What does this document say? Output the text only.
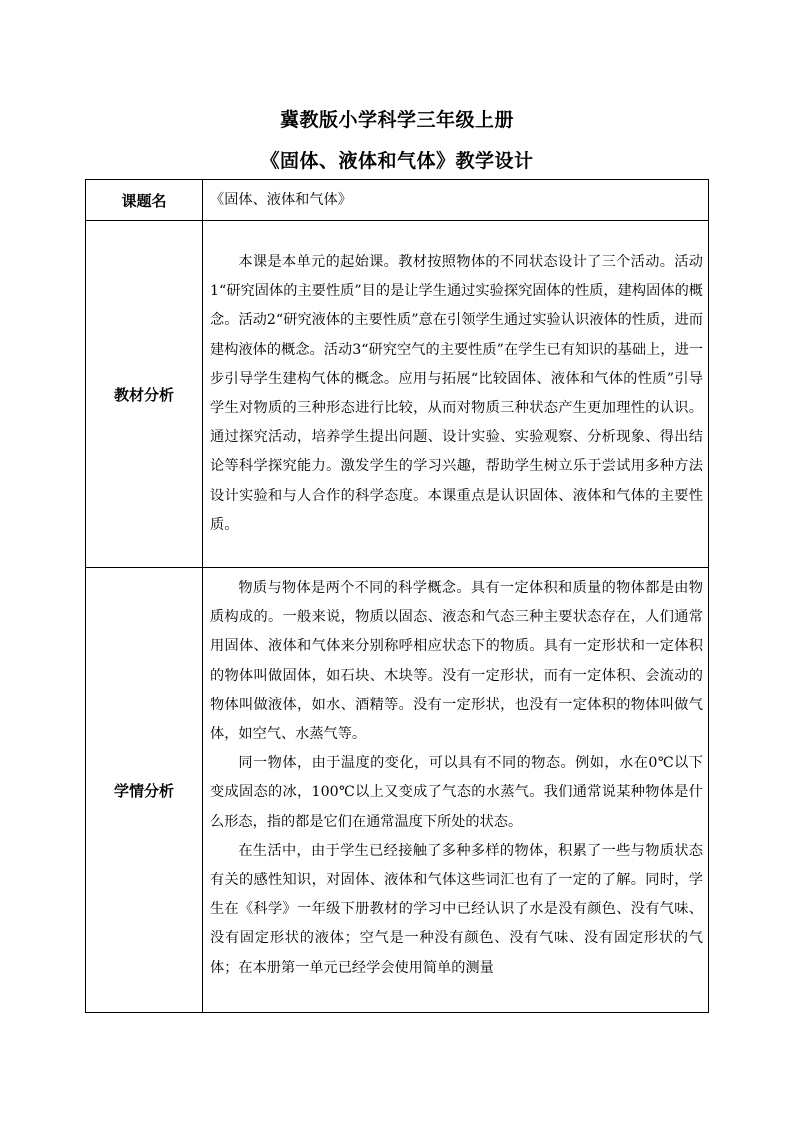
冀教版小学科学三年级上册
《固体、液体和气体》教学设计
课题名	《固体、液体和气体》

教材分析	本课是本单元的起始课。教材按照物体的不同状态设计了三个活动。活动1“研究固体的主要性质”目的是让学生通过实验探究固体的性质，建构固体的概念。活动2“研究液体的主要性质”意在引领学生通过实验认识液体的性质，进而建构液体的概念。活动3“研究空气的主要性质”在学生已有知识的基础上，进一步引导学生建构气体的概念。应用与拓展“比较固体、液体和气体的性质”引导学生对物质的三种形态进行比较，从而对物质三种状态产生更加理性的认识。通过探究活动，培养学生提出问题、设计实验、实验观察、分析现象、得出结论等科学探究能力。激发学生的学习兴趣，帮助学生树立乐于尝试用多种方法设计实验和与人合作的科学态度。本课重点是认识固体、液体和气体的主要性质。

学情分析	物质与物体是两个不同的科学概念。具有一定体积和质量的物体都是由物质构成的。一般来说，物质以固态、液态和气态三种主要状态存在，人们通常用固体、液体和气体来分别称呼相应状态下的物质。具有一定形状和一定体积的物体叫做固体，如石块、木块等。没有一定形状，而有一定体积、会流动的物体叫做液体，如水、酒精等。没有一定形状，也没有一定体积的物体叫做气体，如空气、水蒸气等。

同一物体，由于温度的变化，可以具有不同的物态。例如，水在0℃以下变成固态的冰，100℃以上又变成了气态的水蒸气。我们通常说某种物体是什么形态，指的都是它们在通常温度下所处的状态。

在生活中，由于学生已经接触了多种多样的物体，积累了一些与物质状态有关的感性知识，对固体、液体和气体这些词汇也有了一定的了解。同时，学生在《科学》一年级下册教材的学习中已经认识了水是没有颜色、没有气味、没有固定形状的液体；空气是一种没有颜色、没有气味、没有固定形状的气体；在本册第一单元已经学会使用简单的测量
